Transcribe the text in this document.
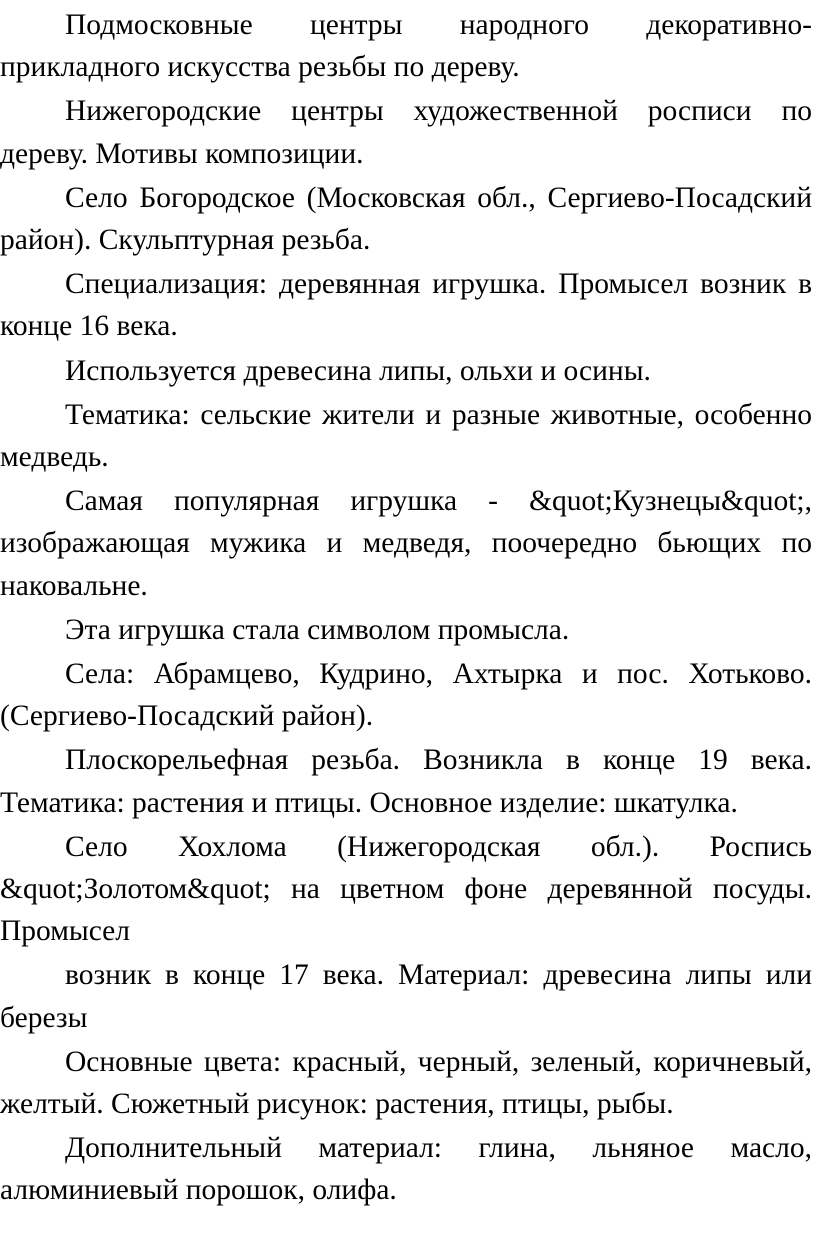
Подмосковные центры народного декоративно-прикладного искусства резьбы по дереву.

Нижегородские центры художественной росписи по дереву. Мотивы композиции.

Село Богородское (Московская обл., Сергиево-Посадский район). Скульптурная резьба.

Специализация: деревянная игрушка. Промысел возник в конце 16 века.

Используется древесина липы, ольхи и осины.

Тематика: сельские жители и разные животные, особенно медведь.

Самая популярная игрушка - &quot;Кузнецы&quot;, изображающая мужика и медведя, поочередно бьющих по наковальне.

Эта игрушка стала символом промысла.

Села: Абрамцево, Кудрино, Ахтырка и пос. Хотьково.(Сергиево-Посадский район).

Плоскорельефная резьба. Возникла в конце 19 века. Тематика: растения и птицы. Основное изделие: шкатулка.

Село Хохлома (Нижегородская обл.). Роспись &quot;Золотом&quot; на цветном фоне деревянной посуды. Промысел

возник в конце 17 века. Материал: древесина липы или березы

Основные цвета: красный, черный, зеленый, коричневый, желтый. Сюжетный рисунок: растения, птицы, рыбы.

Дополнительный материал: глина, льняное масло, алюминиевый порошок, олифа.
